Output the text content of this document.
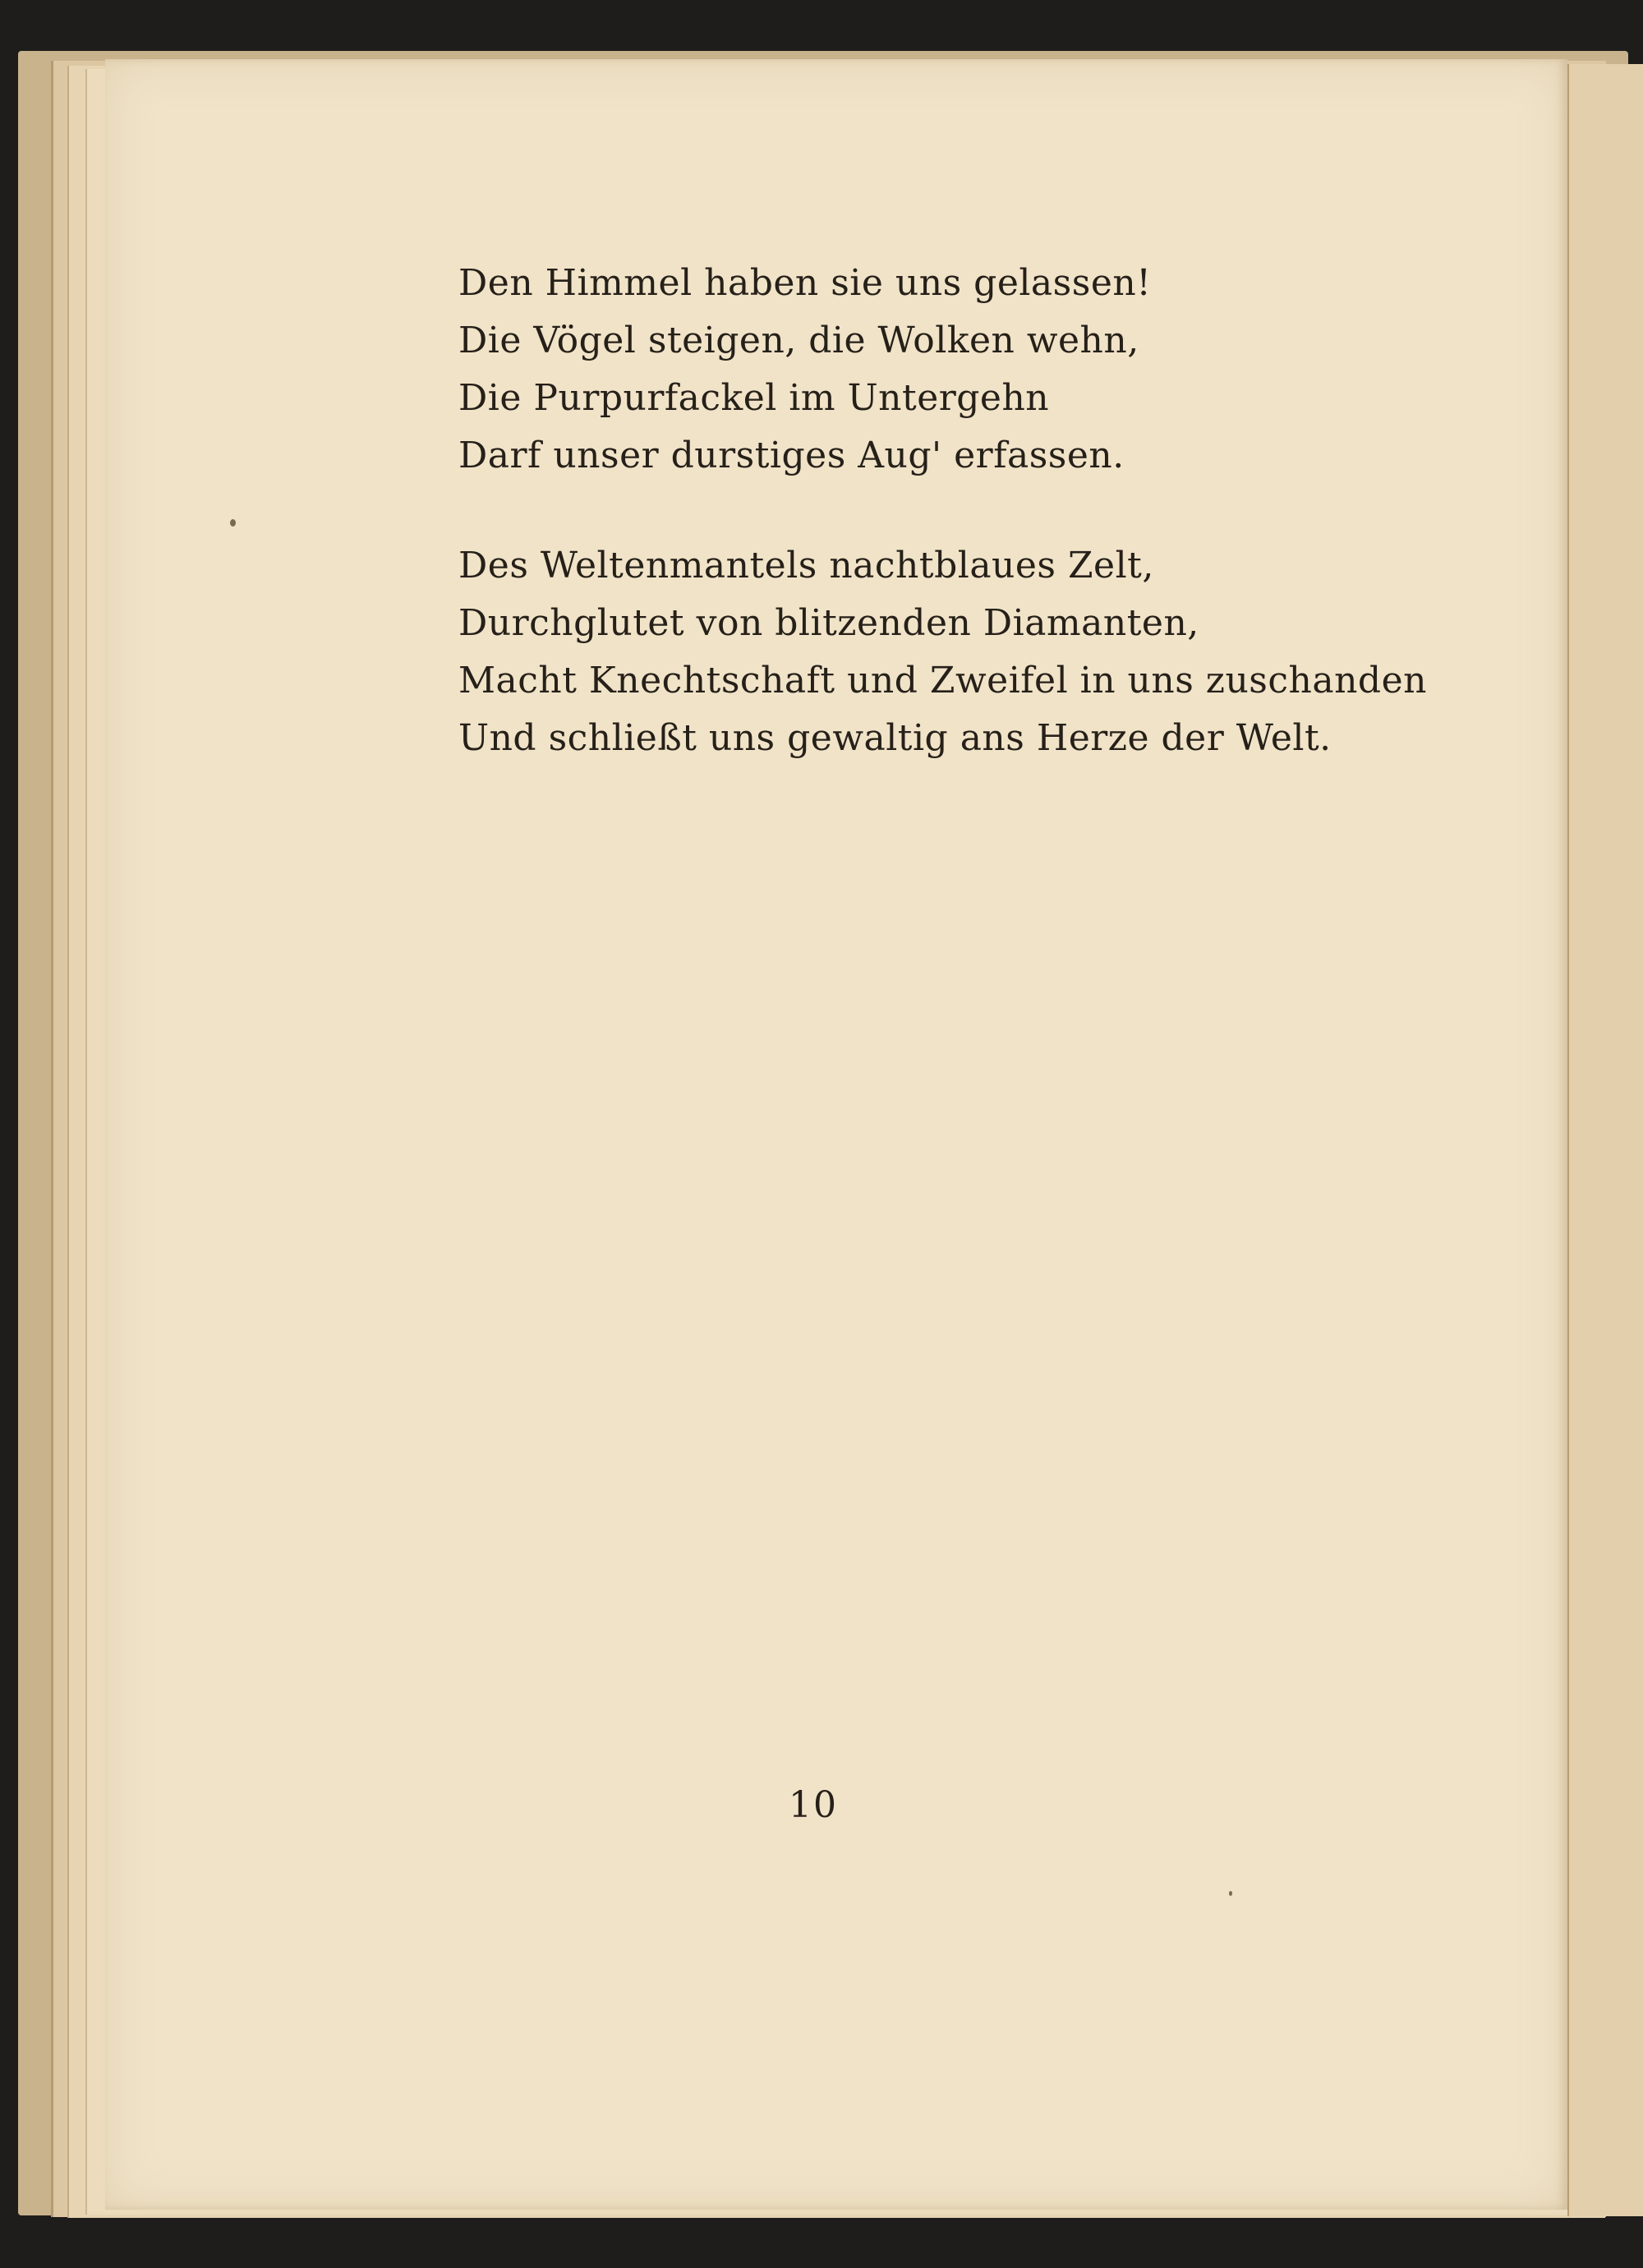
Den Himmel haben sie uns gelassen!
Die Vögel steigen, die Wolken wehn,
Die Purpurfackel im Untergehn
Darf unser durstiges Aug' erfassen.
Des Weltenmantels nachtblaues Zelt,
Durchglutet von blitzenden Diamanten,
Macht Knechtschaft und Zweifel in uns zuschanden
Und schließt uns gewaltig ans Herze der Welt.
10
